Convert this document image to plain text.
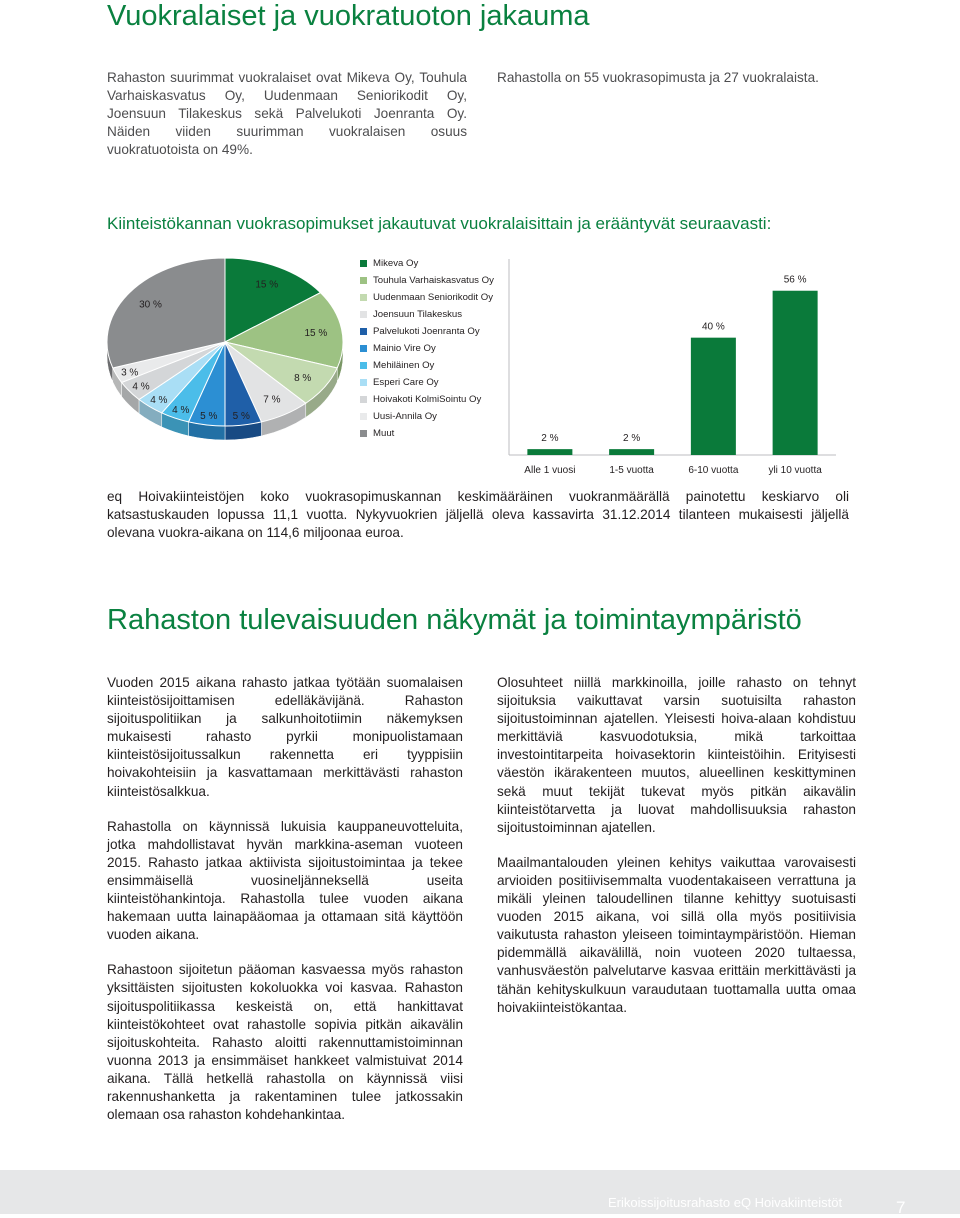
Vuokralaiset ja vuokratuoton jakauma
Rahaston suurimmat vuokralaiset ovat Mikeva Oy, Touhula Varhaiskasvatus Oy, Uudenmaan Seniorikodit Oy, Joensuun Tilakeskus sekä Palvelukoti Joenranta Oy. Näiden viiden suurimman vuokralaisen osuus vuokratuotoista on 49%.
Rahastolla on 55 vuokrasopimusta ja 27 vuokralaista.
Kiinteistökannan vuokrasopimukset jakautuvat vuokralaisittain ja erääntyvät seuraavasti:
15 %
15 %
8 %
7 %
5 %
5 %
4 %
4 %
4 %
3 %
30 %
Mikeva Oy
Touhula Varhaiskasvatus Oy
Uudenmaan Seniorikodit Oy
Joensuun Tilakeskus
Palvelukoti Joenranta Oy
Mainio Vire Oy
Mehiläinen Oy
Esperi Care Oy
Hoivakoti KolmiSointu Oy
Uusi-Annila Oy
Muut
2 %
Alle 1 vuosi
2 %
1-5 vuotta
40 %
6-10 vuotta
56 %
yli 10 vuotta
eq Hoivakiinteistöjen koko vuokrasopimuskannan keskimääräinen vuokranmäärällä painotettu keskiarvo oli katsastuskauden lopussa 11,1 vuotta. Nykyvuokrien jäljellä oleva kassavirta 31.12.2014 tilanteen mukaisesti jäljellä olevana vuokra-aikana on 114,6 miljoonaa euroa.
Rahaston tulevaisuuden näkymät ja toimintaympäristö

Vuoden 2015 aikana rahasto jatkaa työtään suomalaisen kiinteistösijoittamisen edelläkävijänä. Rahaston sijoituspolitiikan ja salkunhoitotiimin näkemyksen mukaisesti rahasto pyrkii monipuolistamaan kiinteistösijoitussalkun rakennetta eri tyyppisiin hoivakohteisiin ja kasvattamaan merkittävästi rahaston kiinteistösalkkua.

Rahastolla on käynnissä lukuisia kauppaneuvotteluita, jotka mahdollistavat hyvän markkina-aseman vuoteen 2015. Rahasto jatkaa aktiivista sijoitustoimintaa ja tekee ensimmäisellä vuosineljänneksellä useita kiinteistöhankintoja. Rahastolla tulee vuoden aikana hakemaan uutta lainapääomaa ja ottamaan sitä käyttöön vuoden aikana.

Rahastoon sijoitetun pääoman kasvaessa myös rahaston yksittäisten sijoitusten kokoluokka voi kasvaa. Rahaston sijoituspolitiikassa keskeistä on, että hankittavat kiinteistökohteet ovat rahastolle sopivia pitkän aikavälin sijoituskohteita. Rahasto aloitti rakennuttamistoiminnan vuonna 2013 ja ensimmäiset hankkeet valmistuivat 2014 aikana. Tällä hetkellä rahastolla on käynnissä viisi rakennushanketta ja rakentaminen tulee jatkossakin olemaan osa rahaston kohdehankintaa.

Olosuhteet niillä markkinoilla, joille rahasto on tehnyt sijoituksia vaikuttavat varsin suotuisilta rahaston sijoitustoiminnan ajatellen. Yleisesti hoiva-alaan kohdistuu merkittäviä kasvuodotuksia, mikä tarkoittaa investointitarpeita hoivasektorin kiinteistöihin. Erityisesti väestön ikärakenteen muutos, alueellinen keskittyminen sekä muut tekijät tukevat myös pitkän aikavälin kiinteistötarvetta ja luovat mahdollisuuksia rahaston sijoitustoiminnan ajatellen.

Maailmantalouden yleinen kehitys vaikuttaa varovaisesti arvioiden positiivisemmalta vuodentakaiseen verrattuna ja mikäli yleinen taloudellinen tilanne kehittyy suotuisasti vuoden 2015 aikana, voi sillä olla myös positiivisia vaikutusta rahaston yleiseen toimintaympäristöön. Hieman pidemmällä aikavälillä, noin vuoteen 2020 tultaessa, vanhusväestön palvelutarve kasvaa erittäin merkittävästi ja tähän kehityskulkuun varaudutaan tuottamalla uutta omaa hoivakiinteistökantaa.

Erikoissijoitusrahasto eQ Hoivakiinteistöt	7
